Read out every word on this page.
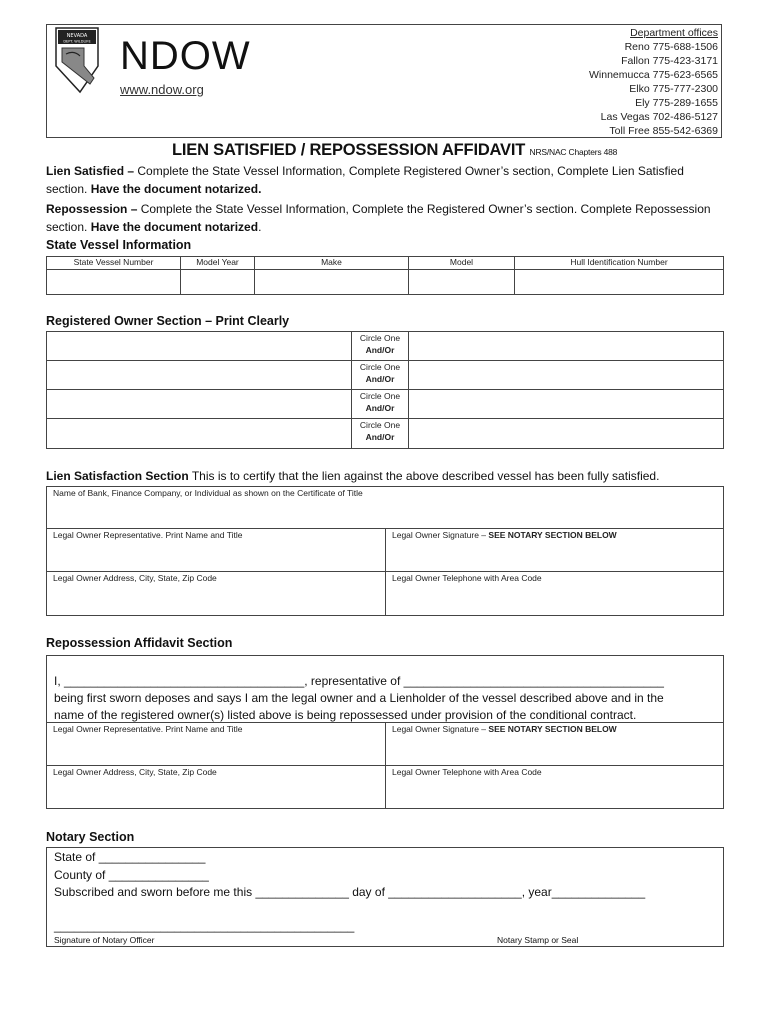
NEVADA
DEPT. WILDLIFE NDOW
www.ndow.org
Department offices
Reno 775-688-1506
Fallon 775-423-3171
Winnemucca 775-623-6565
Elko 775-777-2300
Ely 775-289-1655
Las Vegas 702-486-5127
Toll Free 855-542-6369
LIEN SATISFIED / REPOSSESSION AFFIDAVIT NRS/NAC Chapters 488
Lien Satisfied – Complete the State Vessel Information, Complete Registered Owner’s section, Complete Lien Satisfied section. Have the document notarized.
Repossession – Complete the State Vessel Information, Complete the Registered Owner’s section. Complete Repossession section. Have the document notarized.
State Vessel Information
State Vessel Number	Model Year	Make	Model	Hull Identification Number
Registered Owner Section – Print Clearly
Circle One
And/Or
Circle One
And/Or
Circle One
And/Or
Circle One
And/Or
Lien Satisfaction Section This is to certify that the lien against the above described vessel has been fully satisfied.
Name of Bank, Finance Company, or Individual as shown on the Certificate of Title
Legal Owner Representative. Print Name and Title	Legal Owner Signature – SEE NOTARY SECTION BELOW
Legal Owner Address, City, State, Zip Code	Legal Owner Telephone with Area Code
Repossession Affidavit Section
I, ____________________________________, representative of _______________________________________
being first sworn deposes and says I am the legal owner and a Lienholder of the vessel described above and in the
name of the registered owner(s) listed above is being repossessed under provision of the conditional contract.
Legal Owner Representative. Print Name and Title	Legal Owner Signature – SEE NOTARY SECTION BELOW
Legal Owner Address, City, State, Zip Code	Legal Owner Telephone with Area Code
Notary Section
State of ________________
County of _______________
Subscribed and sworn before me this ______________ day of ____________________, year______________
_____________________________________________
Signature of Notary Officer	Notary Stamp or Seal
